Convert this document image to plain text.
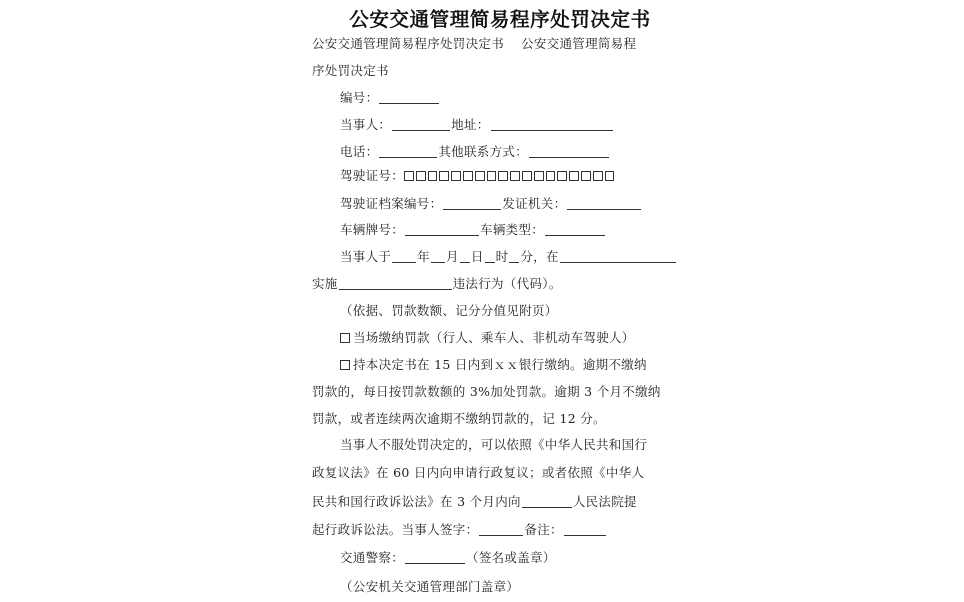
公安交通管理简易程序处罚决定书
公安交通管理简易程序处罚决定书　 公安交通管理简易程
序处罚决定书
编号：
当事人：	地址：
电话：	其他联系方式：
驾驶证号：
驾驶证档案编号：	发证机关：
车辆牌号：	车辆类型：
当事人于 年 月 日 时 分，在
实施	违法行为（代码）。
（依据、罚款数额、记分分值见附页）
当场缴纳罚款（行人、乘车人、非机动车驾驶人）
持本决定书在 15 日内到ｘｘ银行缴纳。逾期不缴纳
罚款的，每日按罚款数额的 3%加处罚款。逾期 3 个月不缴纳
罚款，或者连续两次逾期不缴纳罚款的，记 12 分。
当事人不服处罚决定的，可以依照《中华人民共和国行
政复议法》在 60 日内向申请行政复议；或者依照《中华人
民共和国行政诉讼法》在 3 个月内向	人民法院提
起行政诉讼法。当事人签字：	备注：
交通警察：	（签名或盖章）
（公安机关交通管理部门盖章）
